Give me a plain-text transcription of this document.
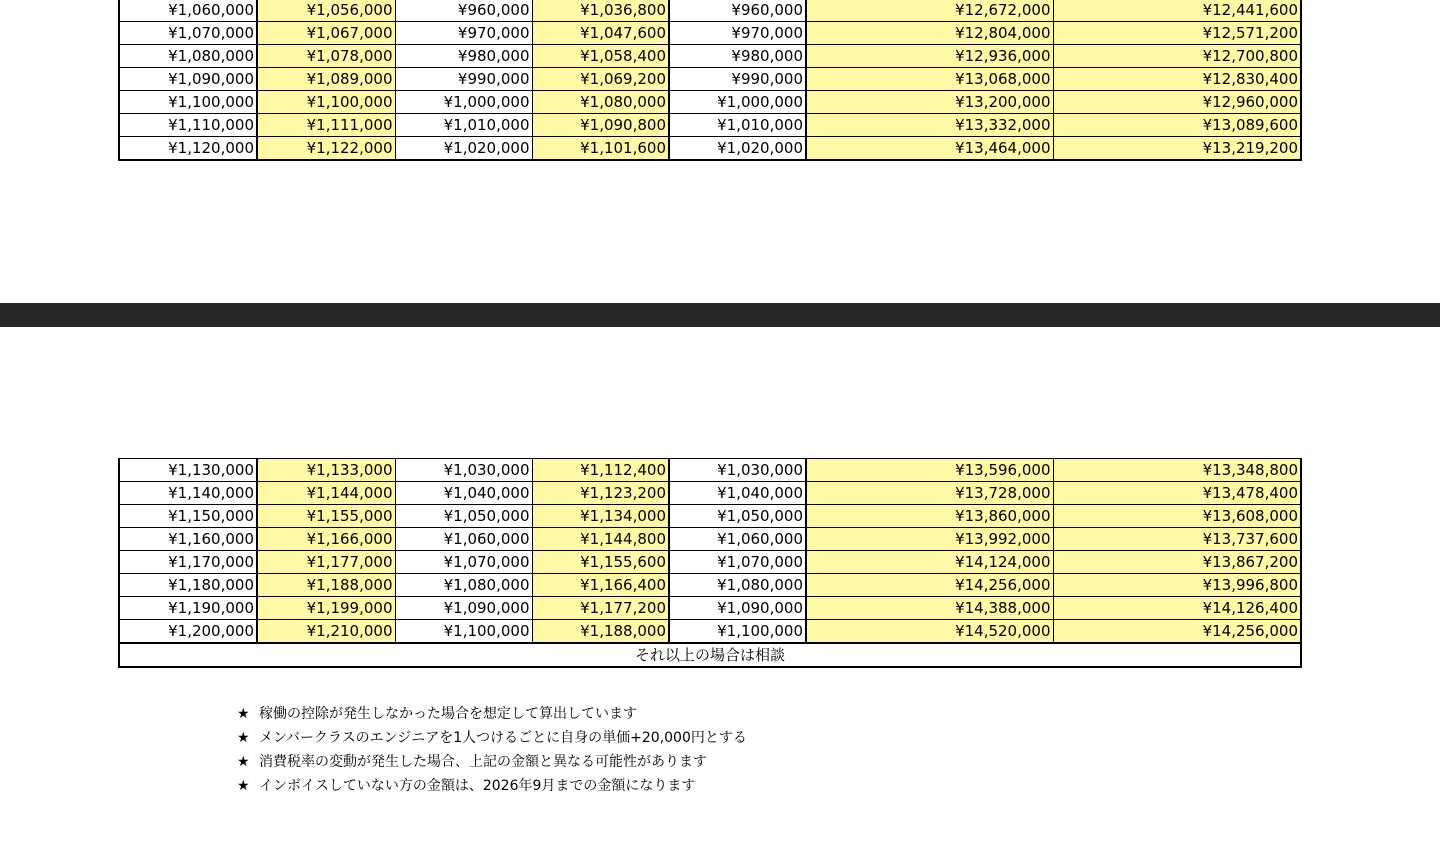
¥1,060,000	¥1,056,000	¥960,000	¥1,036,800	¥960,000	¥12,672,000	¥12,441,600
¥1,070,000	¥1,067,000	¥970,000	¥1,047,600	¥970,000	¥12,804,000	¥12,571,200
¥1,080,000	¥1,078,000	¥980,000	¥1,058,400	¥980,000	¥12,936,000	¥12,700,800
¥1,090,000	¥1,089,000	¥990,000	¥1,069,200	¥990,000	¥13,068,000	¥12,830,400
¥1,100,000	¥1,100,000	¥1,000,000	¥1,080,000	¥1,000,000	¥13,200,000	¥12,960,000
¥1,110,000	¥1,111,000	¥1,010,000	¥1,090,800	¥1,010,000	¥13,332,000	¥13,089,600
¥1,120,000	¥1,122,000	¥1,020,000	¥1,101,600	¥1,020,000	¥13,464,000	¥13,219,200
¥1,130,000	¥1,133,000	¥1,030,000	¥1,112,400	¥1,030,000	¥13,596,000	¥13,348,800
¥1,140,000	¥1,144,000	¥1,040,000	¥1,123,200	¥1,040,000	¥13,728,000	¥13,478,400
¥1,150,000	¥1,155,000	¥1,050,000	¥1,134,000	¥1,050,000	¥13,860,000	¥13,608,000
¥1,160,000	¥1,166,000	¥1,060,000	¥1,144,800	¥1,060,000	¥13,992,000	¥13,737,600
¥1,170,000	¥1,177,000	¥1,070,000	¥1,155,600	¥1,070,000	¥14,124,000	¥13,867,200
¥1,180,000	¥1,188,000	¥1,080,000	¥1,166,400	¥1,080,000	¥14,256,000	¥13,996,800
¥1,190,000	¥1,199,000	¥1,090,000	¥1,177,200	¥1,090,000	¥14,388,000	¥14,126,400
¥1,200,000	¥1,210,000	¥1,100,000	¥1,188,000	¥1,100,000	¥14,520,000	¥14,256,000
それ以上の場合は相談						
★ 稼働の控除が発生しなかった場合を想定して算出しています
★ メンバークラスのエンジニアを1人つけるごとに自身の単価+20,000円とする
★ 消費税率の変動が発生した場合、上記の金額と異なる可能性があります
★ インボイスしていない方の金額は、2026年9月までの金額になります
